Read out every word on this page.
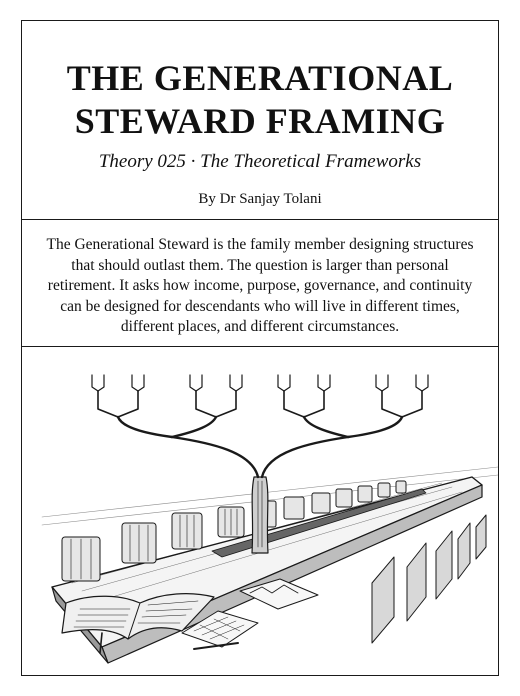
THE GENERATIONAL STEWARD FRAMING

Theory 025 · The Theoretical Frameworks

By Dr Sanjay Tolani

The Generational Steward is the family member designing structures that should outlast them. The question is larger than personal retirement. It asks how income, purpose, governance, and continuity can be designed for descendants who will live in different times, different places, and different circumstances.
